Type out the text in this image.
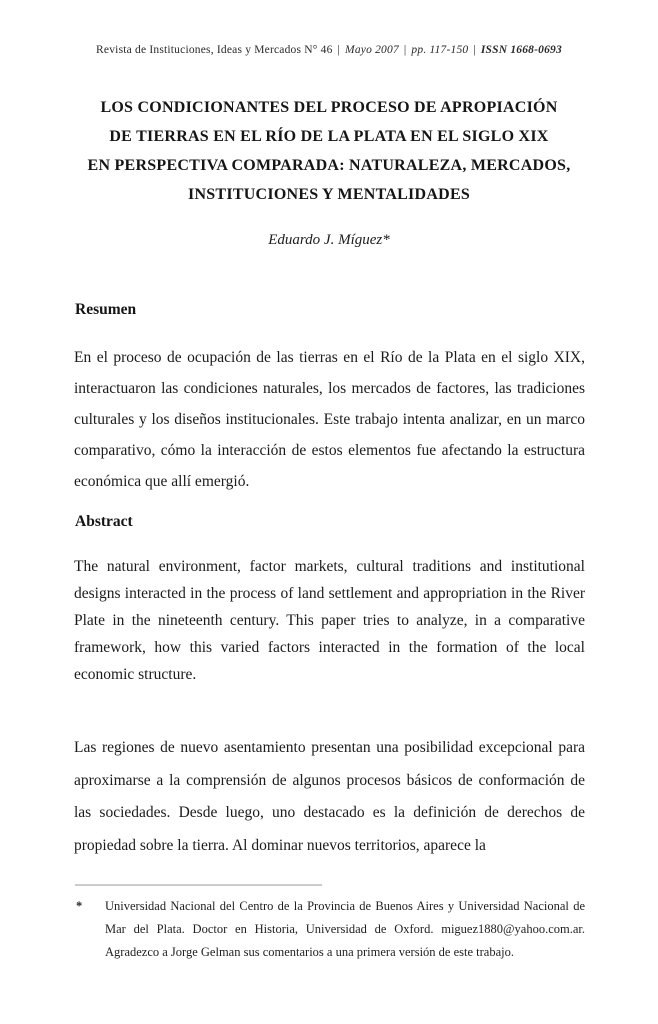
Revista de Instituciones, Ideas y Mercados N° 46 | Mayo 2007 | pp. 117-150 | ISSN 1668-0693
LOS CONDICIONANTES DEL PROCESO DE APROPIACIÓN
DE TIERRAS EN EL RÍO DE LA PLATA EN EL SIGLO XIX
EN PERSPECTIVA COMPARADA: NATURALEZA, MERCADOS,
INSTITUCIONES Y MENTALIDADES
Eduardo J. Míguez*
Resumen
En el proceso de ocupación de las tierras en el Río de la Plata en el siglo XIX, interactuaron las condiciones naturales, los mercados de factores, las tradiciones culturales y los diseños institucionales. Este trabajo intenta analizar, en un marco comparativo, cómo la interacción de estos elementos fue afectando la estructura económica que allí emergió.
Abstract
The natural environment, factor markets, cultural traditions and institutional designs interacted in the process of land settlement and appropriation in the River Plate in the nineteenth century. This paper tries to analyze, in a comparative framework, how this varied factors interacted in the formation of the local economic structure.
Las regiones de nuevo asentamiento presentan una posibilidad excepcional para aproximarse a la comprensión de algunos procesos básicos de conformación de las sociedades. Desde luego, uno destacado es la definición de derechos de propiedad sobre la tierra. Al dominar nuevos territorios, aparece la
*	Universidad Nacional del Centro de la Provincia de Buenos Aires y Universidad Nacional de Mar del Plata. Doctor en Historia, Universidad de Oxford. miguez1880@yahoo.com.ar. Agradezco a Jorge Gelman sus comentarios a una primera versión de este trabajo.
